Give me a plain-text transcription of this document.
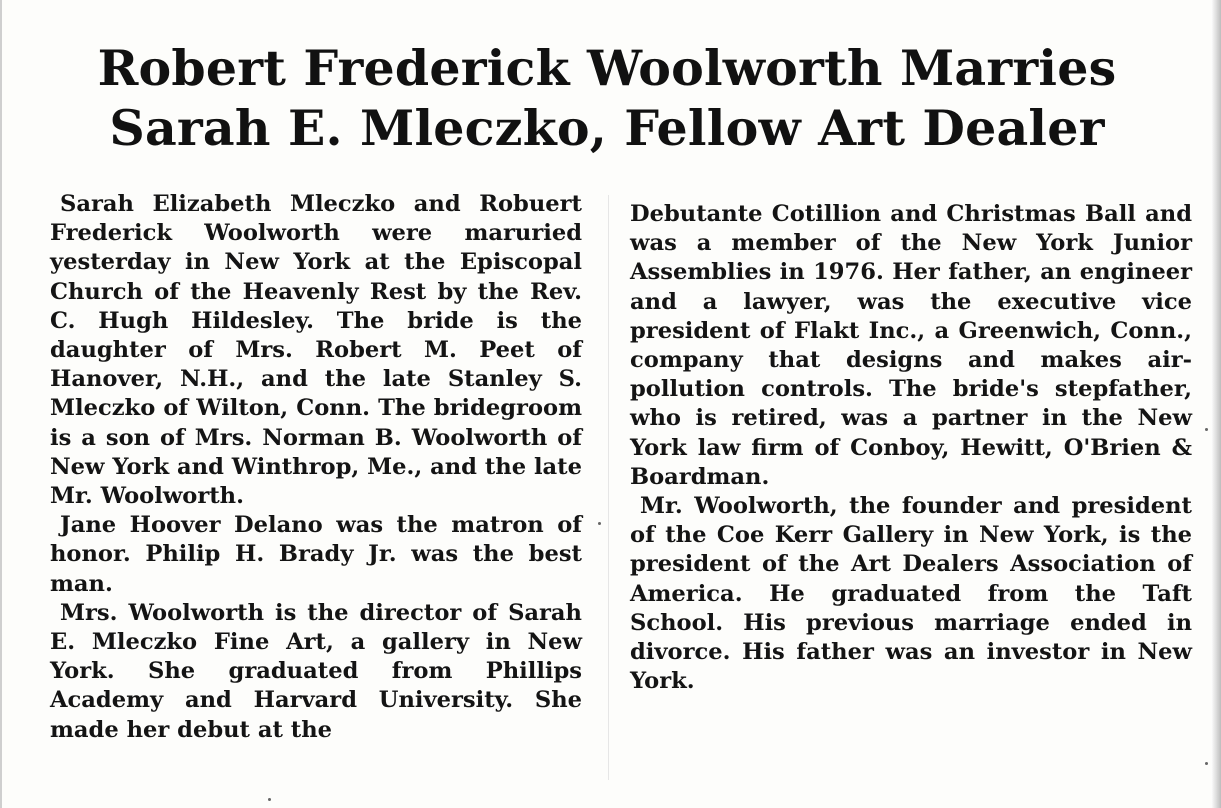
Robert Frederick Woolworth Marries
Sarah E. Mleczko, Fellow Art Dealer

Sarah Elizabeth Mleczko and Robuert Frederick Woolworth were maruried yesterday in New York at the Episcopal Church of the Heavenly Rest by the Rev. C. Hugh Hildesley. The bride is the daughter of Mrs. Robert M. Peet of Hanover, N.H., and the late Stanley S. Mleczko of Wilton, Conn. The bridegroom is a son of Mrs. Norman B. Woolworth of New York and Winthrop, Me., and the late Mr. Woolworth.

Jane Hoover Delano was the matron of honor. Philip H. Brady Jr. was the best man.

Mrs. Woolworth is the director of Sarah E. Mleczko Fine Art, a gallery in New York. She graduated from Phillips Academy and Harvard University. She made her debut at the

Debutante Cotillion and Christmas Ball and was a member of the New York Junior Assemblies in 1976. Her father, an engineer and a lawyer, was the executive vice president of Flakt Inc., a Greenwich, Conn., company that designs and makes air-pollution controls. The bride's stepfather, who is retired, was a partner in the New York law firm of Conboy, Hewitt, O'Brien & Boardman.

Mr. Woolworth, the founder and president of the Coe Kerr Gallery in New York, is the president of the Art Dealers Association of America. He graduated from the Taft School. His previous marriage ended in divorce. His father was an investor in New York.
